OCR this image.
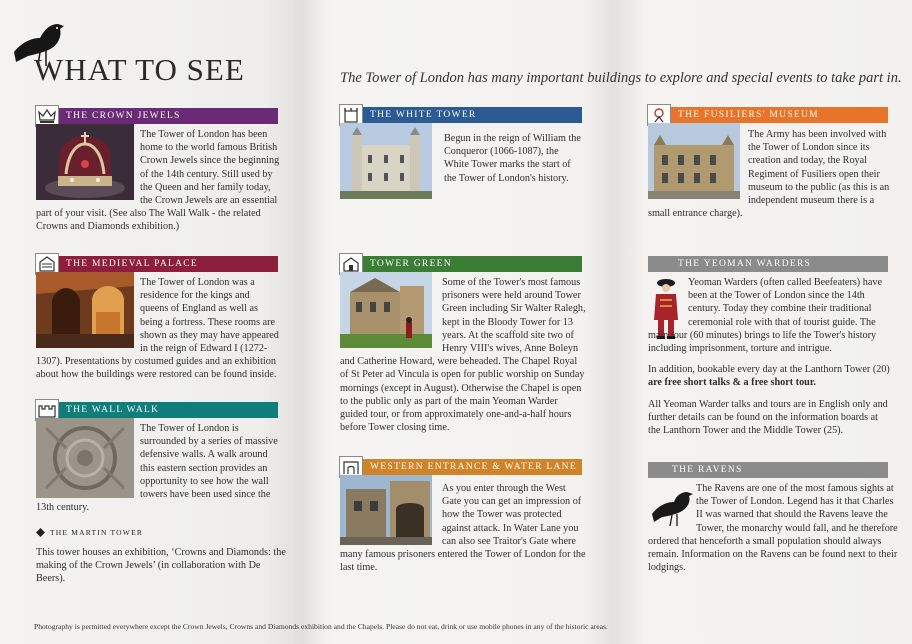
WHAT TO SEE	The Tower of London has many important buildings to explore and special events to take part in.
THE CROWN JEWELS

The Tower of London has been home to the world famous British Crown Jewels since the beginning of the 14th century. Still used by the Queen and her family today, the Crown Jewels are an essential part of your visit. (See also The Wall Walk - the related Crowns and Diamonds exhibition.)

THE MEDIEVAL PALACE

The Tower of London was a residence for the kings and queens of England as well as being a fortress. These rooms are shown as they may have appeared in the reign of Edward I (1272-1307). Presentations by costumed guides and an exhibition about how the buildings were restored can be found inside.

THE WALL WALK

The Tower of London is surrounded by a series of massive defensive walls. A walk around this eastern section provides an opportunity to see how the wall towers have been used since the 13th century.

THE MARTIN TOWER

This tower houses an exhibition, ‘Crowns and Diamonds: the making of the Crown Jewels’ (in collaboration with De Beers).

THE WHITE TOWER

Begun in the reign of William the Conqueror (1066-1087), the White Tower marks the start of the Tower of London's history.

TOWER GREEN

Some of the Tower's most famous prisoners were held around Tower Green including Sir Walter Ralegh, kept in the Bloody Tower for 13 years. At the scaffold site two of Henry VIII's wives, Anne Boleyn and Catherine Howard, were beheaded. The Chapel Royal of St Peter ad Vincula is open for public worship on Sunday mornings (except in August). Otherwise the Chapel is open to the public only as part of the main Yeoman Warder guided tour, or from approximately one-and-a-half hours before Tower closing time.

WESTERN ENTRANCE & WATER LANE

As you enter through the West Gate you can get an impression of how the Tower was protected against attack. In Water Lane you can also see Traitor's Gate where many famous prisoners entered the Tower of London for the last time.

THE FUSILIERS' MUSEUM

The Army has been involved with the Tower of London since its creation and today, the Royal Regiment of Fusiliers open their museum to the public (as this is an independent museum there is a small entrance charge).

THE YEOMAN WARDERS

Yeoman Warders (often called Beefeaters) have been at the Tower of London since the 14th century. Today they combine their traditional ceremonial role with that of tourist guide. The main tour (60 minutes) brings to life the Tower's history including imprisonment, torture and intrigue.

In addition, bookable every day at the Lanthorn Tower (20) are free short talks & a free short tour.

All Yeoman Warder talks and tours are in English only and further details can be found on the information boards at the Lanthorn Tower and the Middle Tower (25).

THE RAVENS

The Ravens are one of the most famous sights at the Tower of London. Legend has it that Charles II was warned that should the Ravens leave the Tower, the monarchy would fall, and he therefore ordered that henceforth a small population should always remain. Information on the Ravens can be found next to their lodgings.

Photography is permitted everywhere except the Crown Jewels, Crowns and Diamonds exhibition and the Chapels. Please do not eat, drink or use mobile phones in any of the historic areas.
